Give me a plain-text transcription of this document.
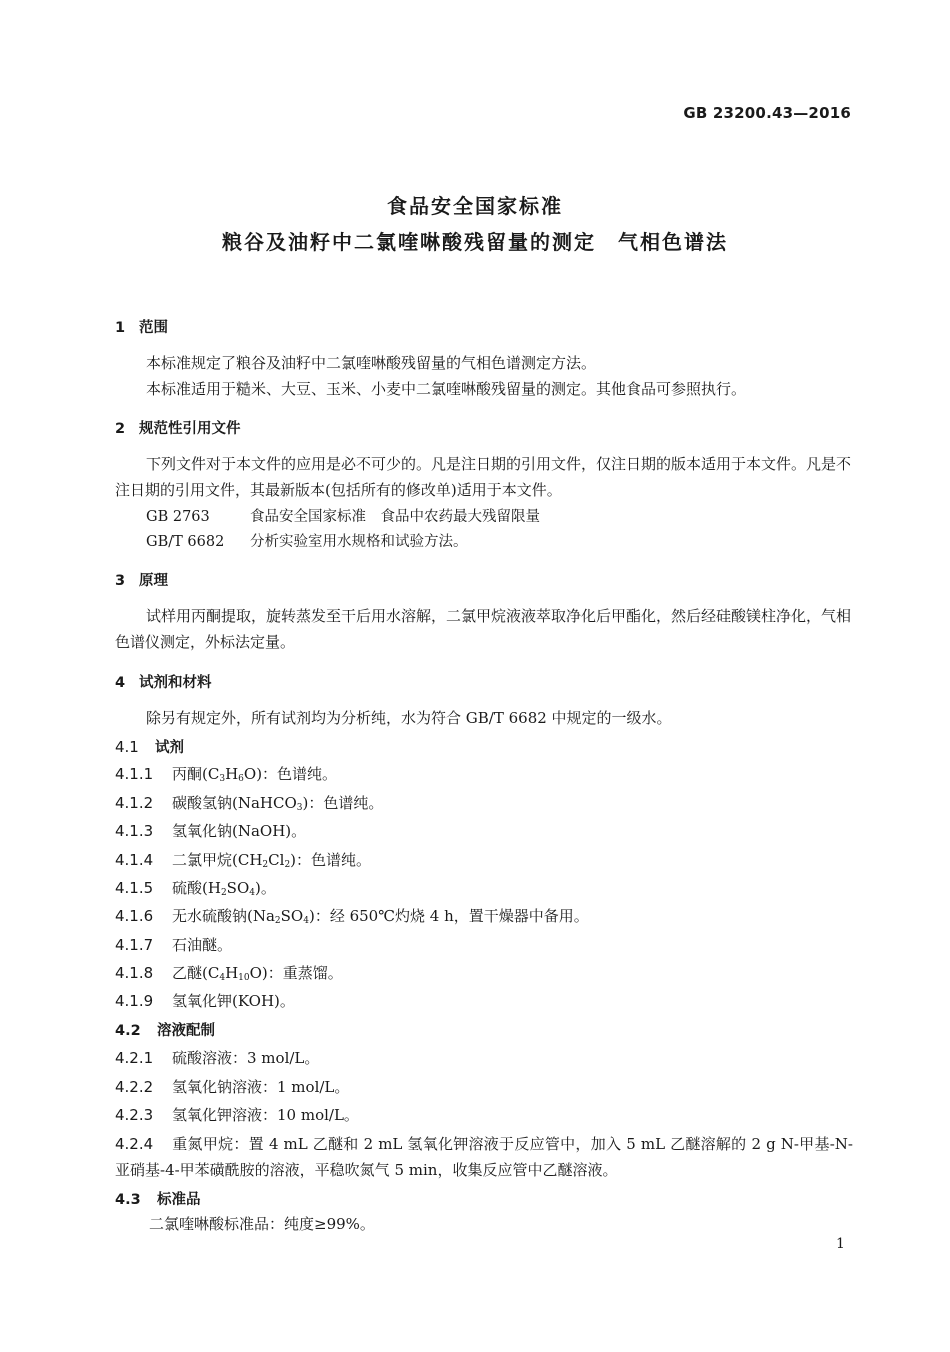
GB 23200.43—2016
食品安全国家标准
粮谷及油籽中二氯喹啉酸残留量的测定　气相色谱法
1 范围
本标准规定了粮谷及油籽中二氯喹啉酸残留量的气相色谱测定方法。
本标准适用于糙米、大豆、玉米、小麦中二氯喹啉酸残留量的测定。其他食品可参照执行。
2 规范性引用文件
下列文件对于本文件的应用是必不可少的。凡是注日期的引用文件，仅注日期的版本适用于本文件。凡是不注日期的引用文件，其最新版本(包括所有的修改单)适用于本文件。
GB 2763	食品安全国家标准　食品中农药最大残留限量
GB/T 6682 分析实验室用水规格和试验方法。
3 原理
试样用丙酮提取，旋转蒸发至干后用水溶解，二氯甲烷液液萃取净化后甲酯化，然后经硅酸镁柱净化，气相色谱仪测定，外标法定量。
4 试剂和材料
除另有规定外，所有试剂均为分析纯，水为符合 GB/T 6682 中规定的一级水。
4.1 试剂
4.1.1 丙酮$(C_3H_6O)$：色谱纯。
4.1.2 碳酸氢钠(NaHCO$_3$)：色谱纯。
4.1.3 氢氧化钠(NaOH)。
4.1.4 二氯甲烷$(CH_2Cl_2)$：色谱纯。
4.1.5 硫酸$(H_2SO_4)$。
4.1.6 无水硫酸钠$(Na_2SO_4)$：经 650℃灼烧 4 h，置干燥器中备用。
4.1.7 石油醚。
4.1.8 乙醚$(C_4H_{10}O)$：重蒸馏。
4.1.9 氢氧化钾(KOH)。
4.2 溶液配制
4.2.1 硫酸溶液：3 mol/L。
4.2.2 氢氧化钠溶液：1 mol/L。
4.2.3 氢氧化钾溶液：10 mol/L。
4.2.4 重氮甲烷：置 4 mL 乙醚和 2 mL 氢氧化钾溶液于反应管中，加入 5 mL 乙醚溶解的 2 g N-甲基-N-亚硝基-4-甲苯磺酰胺的溶液，平稳吹氮气 5 min，收集反应管中乙醚溶液。
4.3 标准品
二氯喹啉酸标准品：纯度≥99%。
1
